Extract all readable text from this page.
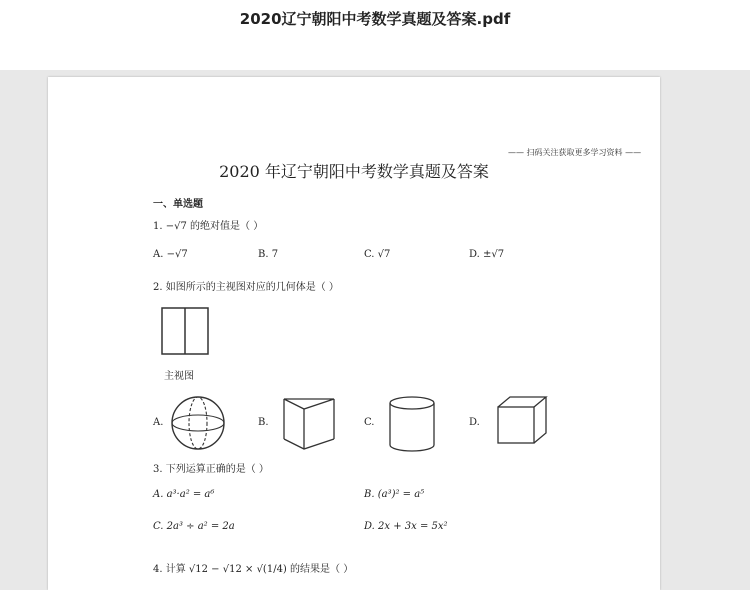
2020辽宁朝阳中考数学真题及答案.pdf
—— 扫码关注获取更多学习资料 ——
2020 年辽宁朝阳中考数学真题及答案
一、单选题
1. −√7 的绝对值是（ ）
A. −√7	B. 7	C. √7	D. ±√7
2. 如图所示的主视图对应的几何体是（ ）
主视图
A.	B.	C.	D.
3. 下列运算正确的是（ ）
A. a³·a² = a⁶	B. (a³)² = a⁵
C. 2a³ ÷ a² = 2a	D. 2x + 3x = 5x²
4. 计算 √12 − √12 × √(1/4) 的结果是（ ）
